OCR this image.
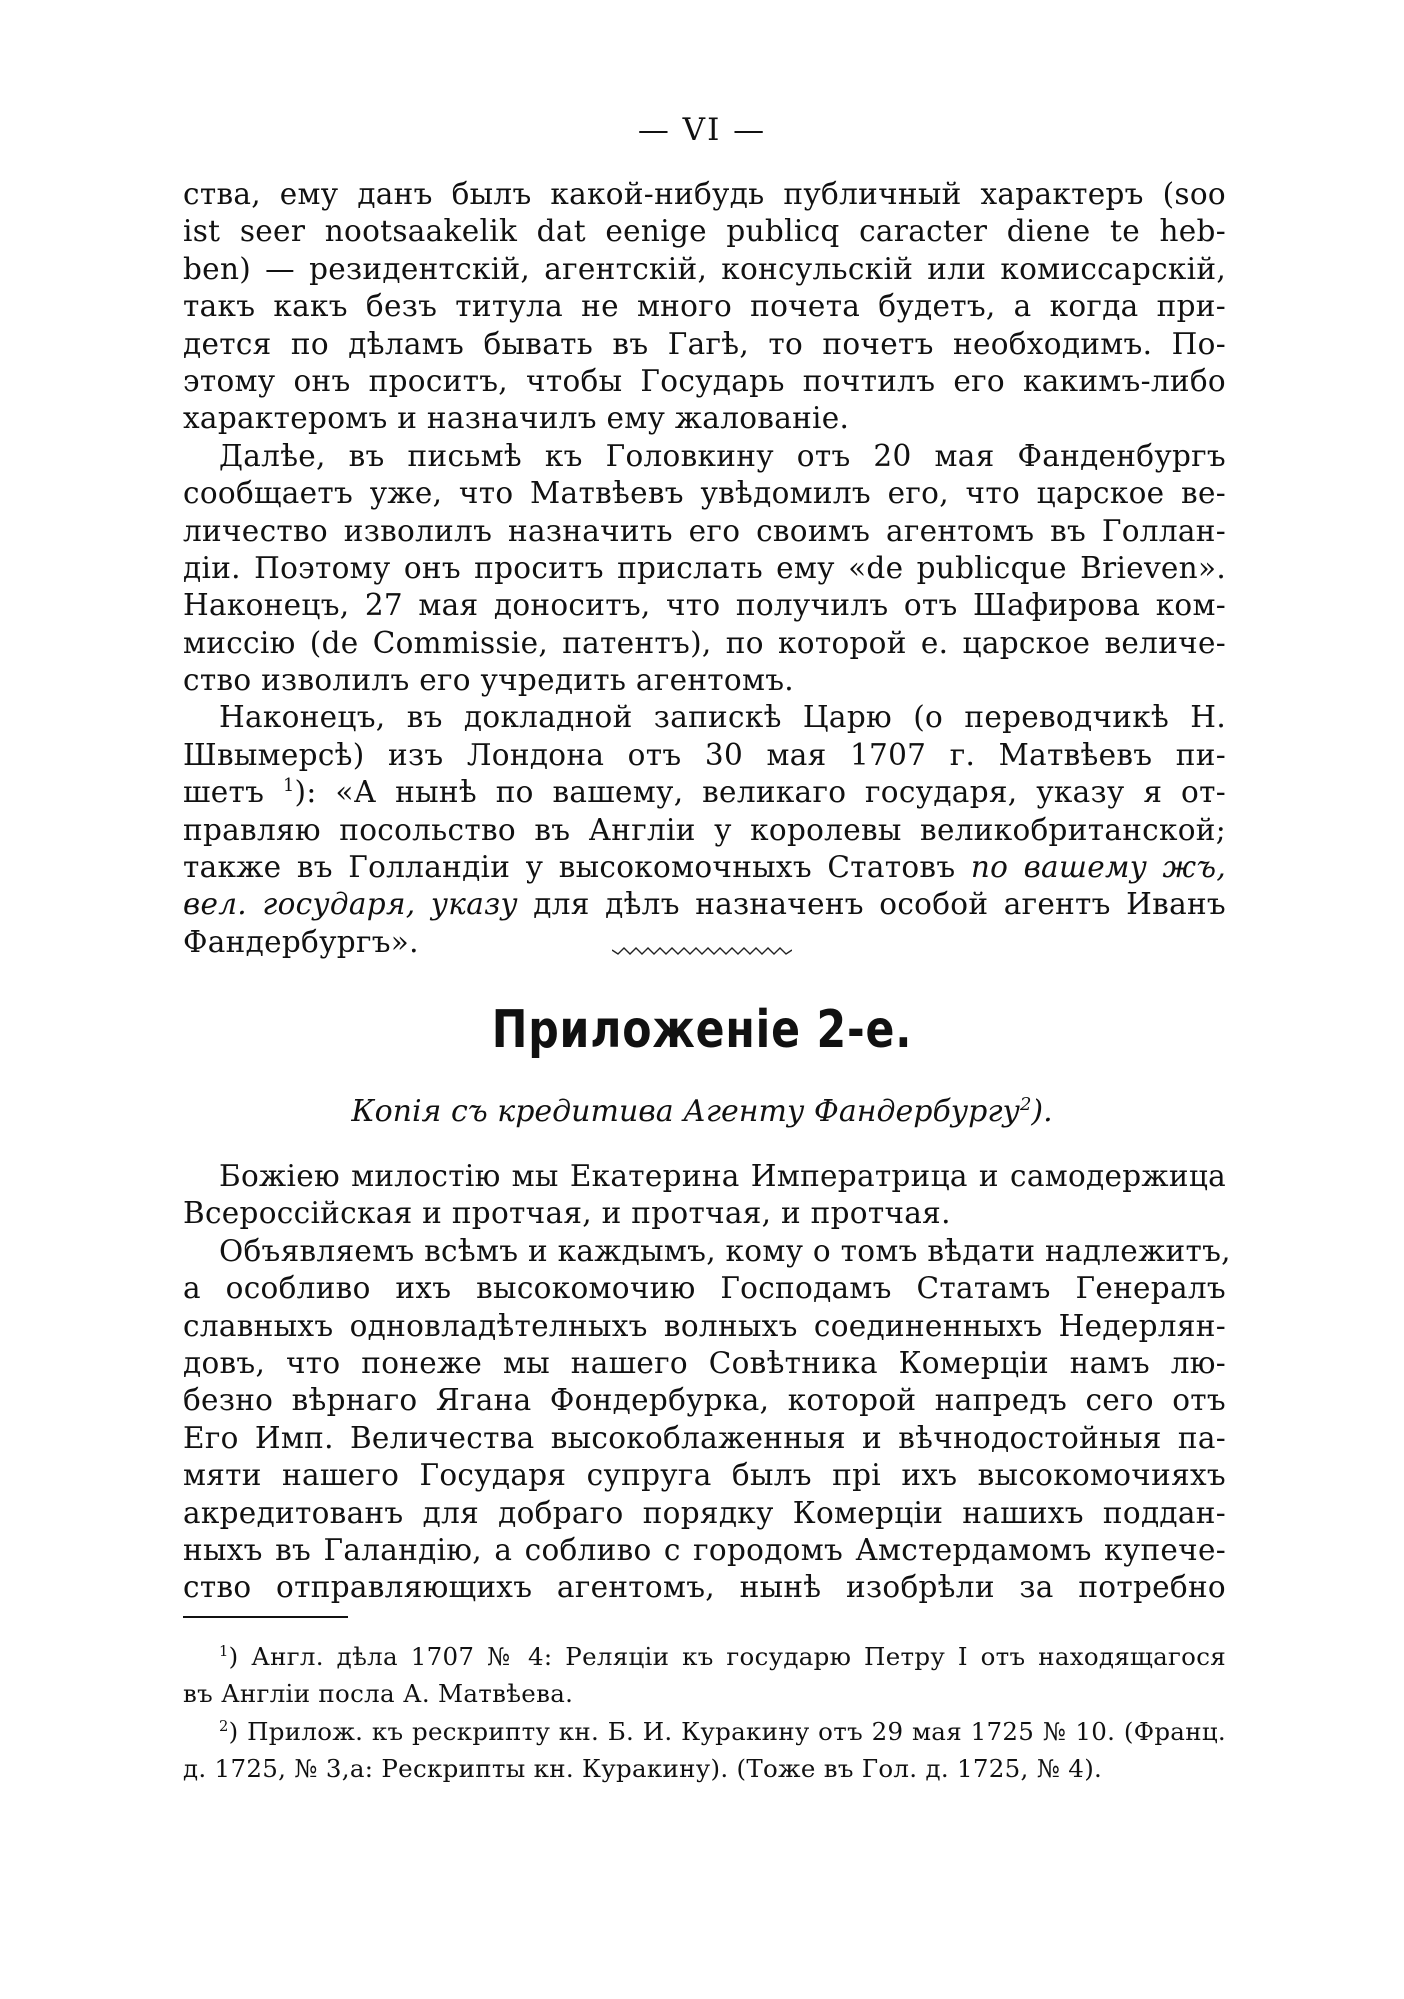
— VI —
ства, ему данъ былъ какой-нибудь публичный характеръ (soo
ist seer nootsaakelik dat eenige publicq caracter diene te heb-
ben) — резидентскій, агентскій, консульскій или комиссарскій,
такъ какъ безъ титула не много почета будетъ, а когда при-
дется по дѣламъ бывать въ Гагѣ, то почетъ необходимъ. По-
этому онъ проситъ, чтобы Государь почтилъ его какимъ-либо
характеромъ и назначилъ ему жалованіе.
Далѣе, въ письмѣ къ Головкину отъ 20 мая Фанденбургъ
сообщаетъ уже, что Матвѣевъ увѣдомилъ его, что царское ве-
личество изволилъ назначить его своимъ агентомъ въ Голлан-
діи. Поэтому онъ проситъ прислать ему «de publicque Brieven».
Наконецъ, 27 мая доноситъ, что получилъ отъ Шафирова ком-
миссію (de Commissie, патентъ), по которой е. царское величе-
ство изволилъ его учредить агентомъ.
Наконецъ, въ докладной запискѣ Царю (о переводчикѣ Н.
Швымерсѣ) изъ Лондона отъ 30 мая 1707 г. Матвѣевъ пи-
шетъ $^1$): «А нынѣ по вашему, великаго государя, указу я от-
правляю посольство въ Англіи у королевы великобританской;
также въ Голландіи у высокомочныхъ Статовъ по вашему жъ,
вел. государя, указу для дѣлъ назначенъ особой агентъ Иванъ
Фандербургъ».
Приложеніе 2-е.
Копія съ кредитива Агенту Фандербургу$^2$).
Божіею милостію мы Екатерина Императрица и самодержица
Всероссійская и протчая, и протчая, и протчая.
Объявляемъ всѣмъ и каждымъ, кому о томъ вѣдати надлежитъ,
а особливо ихъ высокомочию Господамъ Статамъ Генералъ
славныхъ одновладѣтелныхъ волныхъ соединенныхъ Недерлян-
довъ, что понеже мы нашего Совѣтника Комерціи намъ лю-
безно вѣрнаго Ягана Фондербурка, которой напредъ сего отъ
Его Имп. Величества высокоблаженныя и вѣчнодостойныя па-
мяти нашего Государя супруга былъ прі ихъ высокомочияхъ
акредитованъ для добраго порядку Комерціи нашихъ поддан-
ныхъ въ Галандію, а собливо с городомъ Амстердамомъ купече-
ство отправляющихъ агентомъ, нынѣ изобрѣли за потребно
$^1$) Англ. дѣла 1707 № 4: Реляціи къ государю Петру I отъ находящагося
въ Англіи посла А. Матвѣева.
$^2$) Прилож. къ рескрипту кн. Б. И. Куракину отъ 29 мая 1725 № 10. (Франц.
д. 1725, № 3,а: Рескрипты кн. Куракину). (Тоже въ Гол. д. 1725, № 4).
